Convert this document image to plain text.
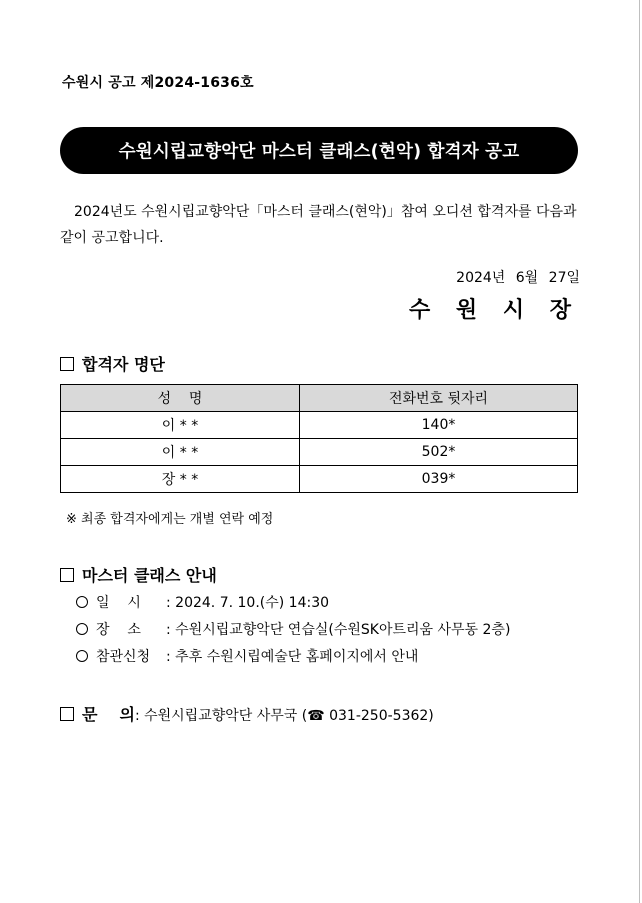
수원시 공고 제2024-1636호
수원시립교향악단 마스터 클래스(현악) 합격자 공고
2024년도 수원시립교향악단「마스터 클래스(현악)」참여 오디션 합격자를 다음과 같이 공고합니다.
2024년 6월 27일
수 원 시 장
합격자 명단
성    명	전화번호 뒷자리
이 * *	140*
이 * *	502*
장 * *	039*
※ 최종 합격자에게는 개별 연락 예정
마스터 클래스 안내
일    시 : 2024. 7. 10.(수) 14:30
장    소 : 수원시립교향악단 연습실(수원SK아트리움 사무동 2층)
참관신청 : 추후 수원시립예술단 홈페이지에서 안내
문 의: 수원시립교향악단 사무국 (☎ 031-250-5362)
